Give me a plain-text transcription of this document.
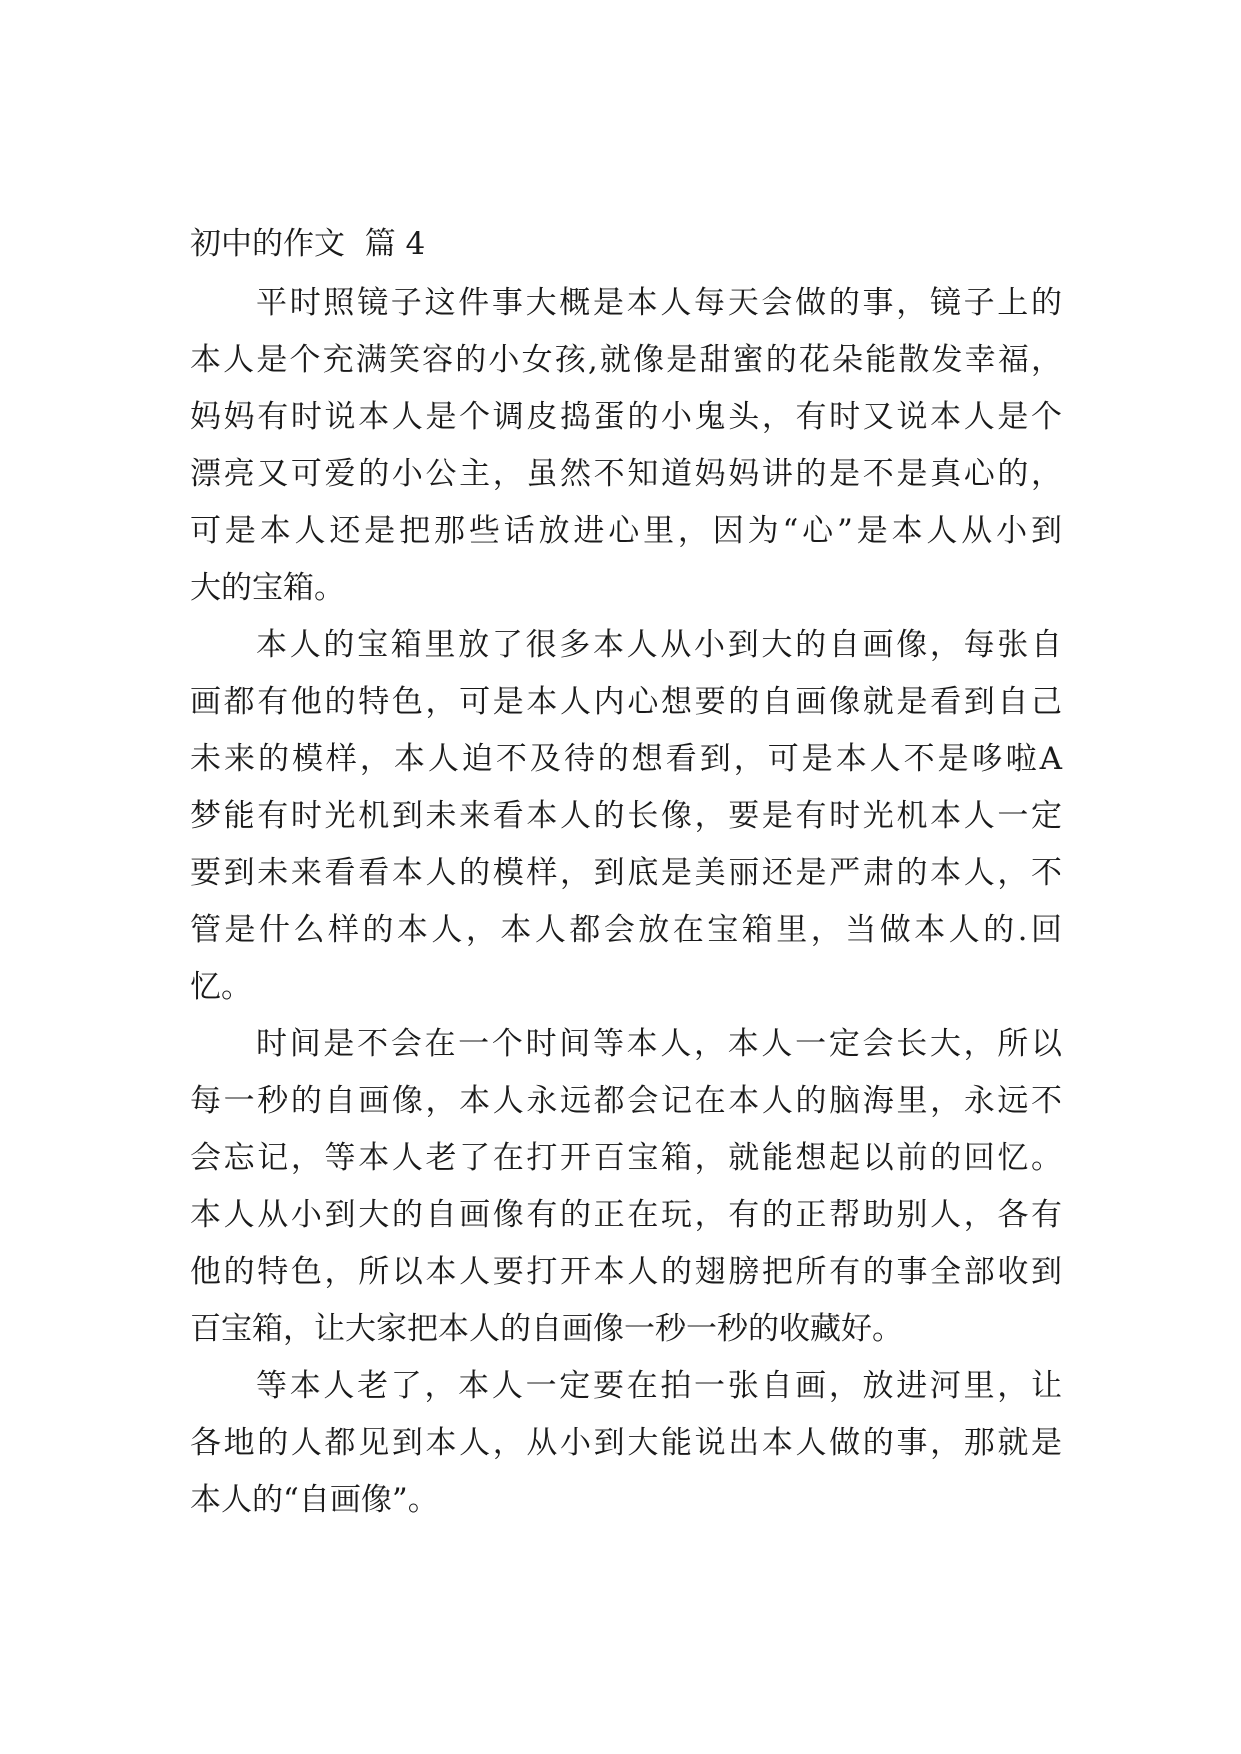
初中的作文  篇 4
平时照镜子这件事大概是本人每天会做的事，镜子上的
本人是个充满笑容的小女孩,就像是甜蜜的花朵能散发幸福，
妈妈有时说本人是个调皮捣蛋的小鬼头，有时又说本人是个
漂亮又可爱的小公主，虽然不知道妈妈讲的是不是真心的，
可是本人还是把那些话放进心里，因为“心”是本人从小到
大的宝箱。
本人的宝箱里放了很多本人从小到大的自画像，每张自
画都有他的特色，可是本人内心想要的自画像就是看到自己
未来的模样，本人迫不及待的想看到，可是本人不是哆啦A
梦能有时光机到未来看本人的长像，要是有时光机本人一定
要到未来看看本人的模样，到底是美丽还是严肃的本人，不
管是什么样的本人，本人都会放在宝箱里，当做本人的.回
忆。
时间是不会在一个时间等本人，本人一定会长大，所以
每一秒的自画像，本人永远都会记在本人的脑海里，永远不
会忘记，等本人老了在打开百宝箱，就能想起以前的回忆。
本人从小到大的自画像有的正在玩，有的正帮助别人，各有
他的特色，所以本人要打开本人的翅膀把所有的事全部收到
百宝箱，让大家把本人的自画像一秒一秒的收藏好。
等本人老了，本人一定要在拍一张自画，放进河里，让
各地的人都见到本人，从小到大能说出本人做的事，那就是
本人的“自画像”。
